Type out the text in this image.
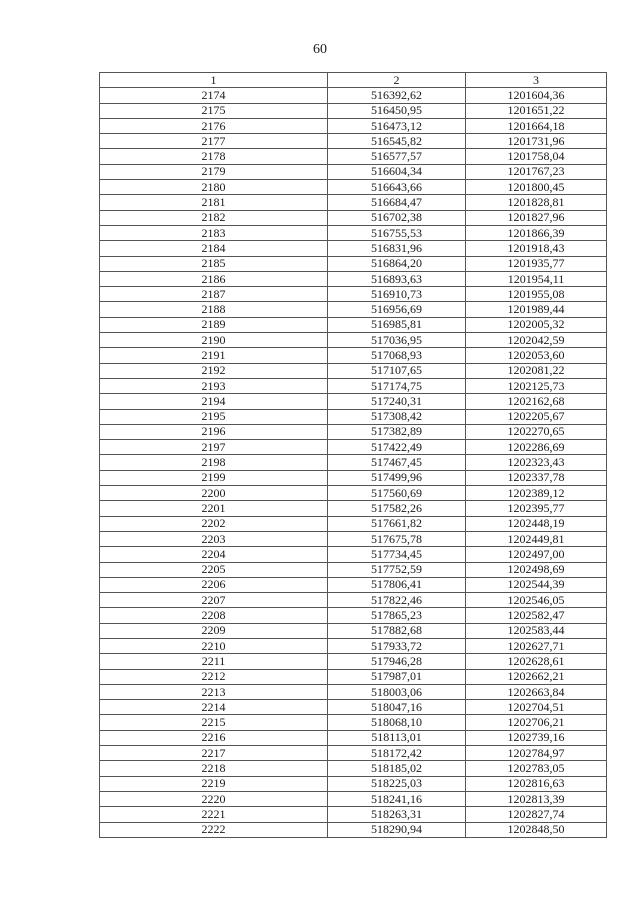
60
1	2	3
2174	516392,62	1201604,36
2175	516450,95	1201651,22
2176	516473,12	1201664,18
2177	516545,82	1201731,96
2178	516577,57	1201758,04
2179	516604,34	1201767,23
2180	516643,66	1201800,45
2181	516684,47	1201828,81
2182	516702,38	1201827,96
2183	516755,53	1201866,39
2184	516831,96	1201918,43
2185	516864,20	1201935,77
2186	516893,63	1201954,11
2187	516910,73	1201955,08
2188	516956,69	1201989,44
2189	516985,81	1202005,32
2190	517036,95	1202042,59
2191	517068,93	1202053,60
2192	517107,65	1202081,22
2193	517174,75	1202125,73
2194	517240,31	1202162,68
2195	517308,42	1202205,67
2196	517382,89	1202270,65
2197	517422,49	1202286,69
2198	517467,45	1202323,43
2199	517499,96	1202337,78
2200	517560,69	1202389,12
2201	517582,26	1202395,77
2202	517661,82	1202448,19
2203	517675,78	1202449,81
2204	517734,45	1202497,00
2205	517752,59	1202498,69
2206	517806,41	1202544,39
2207	517822,46	1202546,05
2208	517865,23	1202582,47
2209	517882,68	1202583,44
2210	517933,72	1202627,71
2211	517946,28	1202628,61
2212	517987,01	1202662,21
2213	518003,06	1202663,84
2214	518047,16	1202704,51
2215	518068,10	1202706,21
2216	518113,01	1202739,16
2217	518172,42	1202784,97
2218	518185,02	1202783,05
2219	518225,03	1202816,63
2220	518241,16	1202813,39
2221	518263,31	1202827,74
2222	518290,94	1202848,50
